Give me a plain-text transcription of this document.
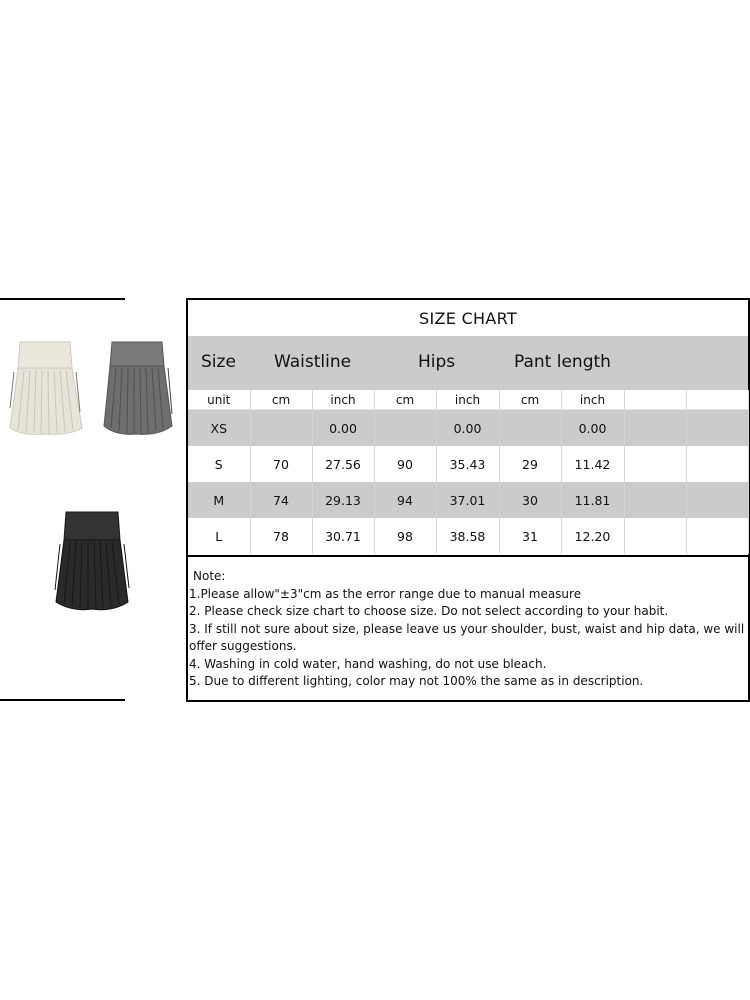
SIZE CHART
Size Waistline	Hips	Pant length
unit	cm	inch	cm	inch	cm	inch		
XS		0.00		0.00		0.00		
S	70	27.56	90	35.43	29	11.42		
M	74	29.13	94	37.01	30	11.81		
L	78	30.71	98	38.58	31	12.20		
Note:
1.Please allow"±3"cm as the error range due to manual measure
2. Please check size chart to choose size. Do not select according to your habit.
3. If still not sure about size, please leave us your shoulder, bust, waist and hip data, we will offer suggestions.
4. Washing in cold water, hand washing, do not use bleach.
5. Due to different lighting, color may not 100% the same as in description.
